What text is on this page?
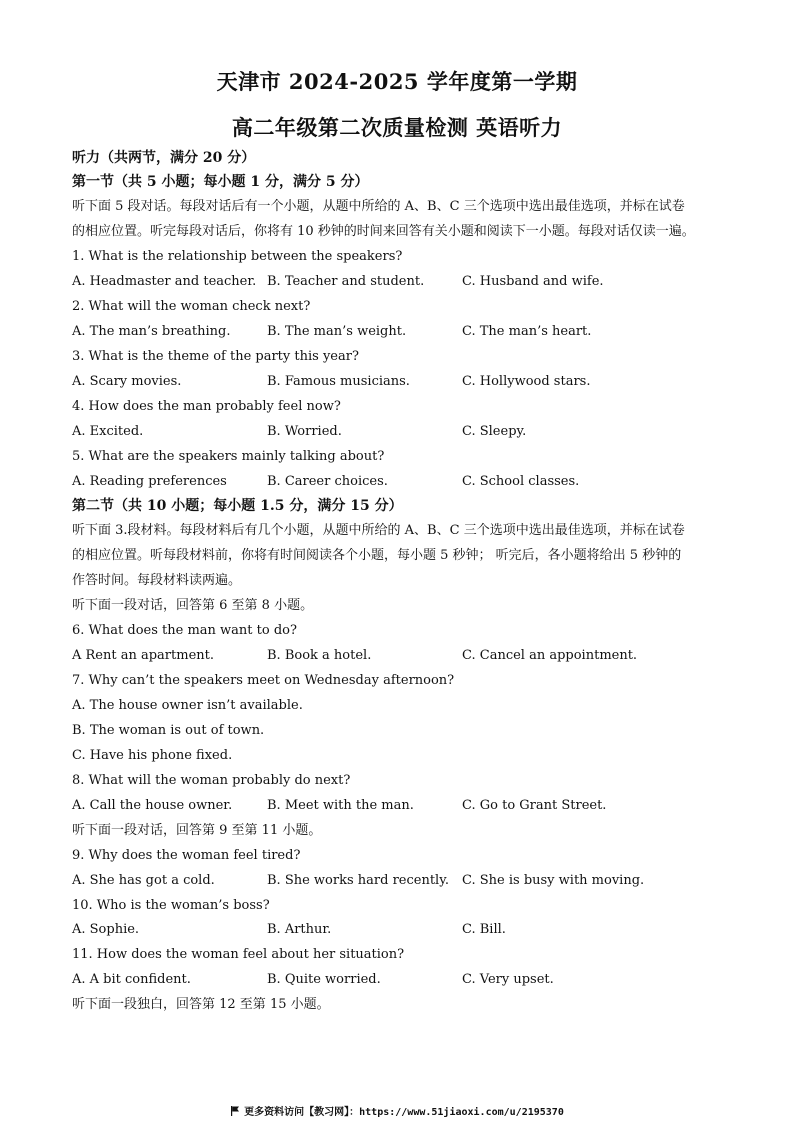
天津市 2024-2025 学年度第一学期
高二年级第二次质量检测 英语听力
听力（共两节，满分 20 分）
第一节（共 5 小题；每小题 1 分，满分 5 分）
听下面 5 段对话。每段对话后有一个小题，从题中所给的 A、B、C 三个选项中选出最佳选项，并标在试卷
的相应位置。听完每段对话后，你将有 10 秒钟的时间来回答有关小题和阅读下一小题。每段对话仅读一遍。
1. What is the relationship between the speakers?
A. Headmaster and teacher. B. Teacher and student.	C. Husband and wife.
2. What will the woman check next?
A. The man’s breathing.	B. The man’s weight.	C. The man’s heart.
3. What is the theme of the party this year?
A. Scary movies.	B. Famous musicians.	C. Hollywood stars.
4. How does the man probably feel now?
A. Excited.	B. Worried.	C. Sleepy.
5. What are the speakers mainly talking about?
A. Reading preferences	B. Career choices.	C. School classes.
第二节（共 10 小题；每小题 1.5 分，满分 15 分）
听下面 3.段材料。每段材料后有几个小题，从题中所给的 A、B、C 三个选项中选出最佳选项，并标在试卷
的相应位置。听每段材料前，你将有时间阅读各个小题，每小题 5 秒钟； 听完后，各小题将给出 5 秒钟的
作答时间。每段材料读两遍。
听下面一段对话，回答第 6 至第 8 小题。
6. What does the man want to do?
A Rent an apartment.	B. Book a hotel.	C. Cancel an appointment.
7. Why can’t the speakers meet on Wednesday afternoon?
A. The house owner isn’t available.
B. The woman is out of town.
C. Have his phone fixed.
8. What will the woman probably do next?
A. Call the house owner.	B. Meet with the man.	C. Go to Grant Street.
听下面一段对话，回答第 9 至第 11 小题。
9. Why does the woman feel tired?
A. She has got a cold.	B. She works hard recently. C. She is busy with moving.
10. Who is the woman’s boss?
A. Sophie.	B. Arthur.	C. Bill.
11. How does the woman feel about her situation?
A. A bit confident.	B. Quite worried.	C. Very upset.
听下面一段独白，回答第 12 至第 15 小题。
更多资料访问【教习网】：https://www.51jiaoxi.com/u/2195370
